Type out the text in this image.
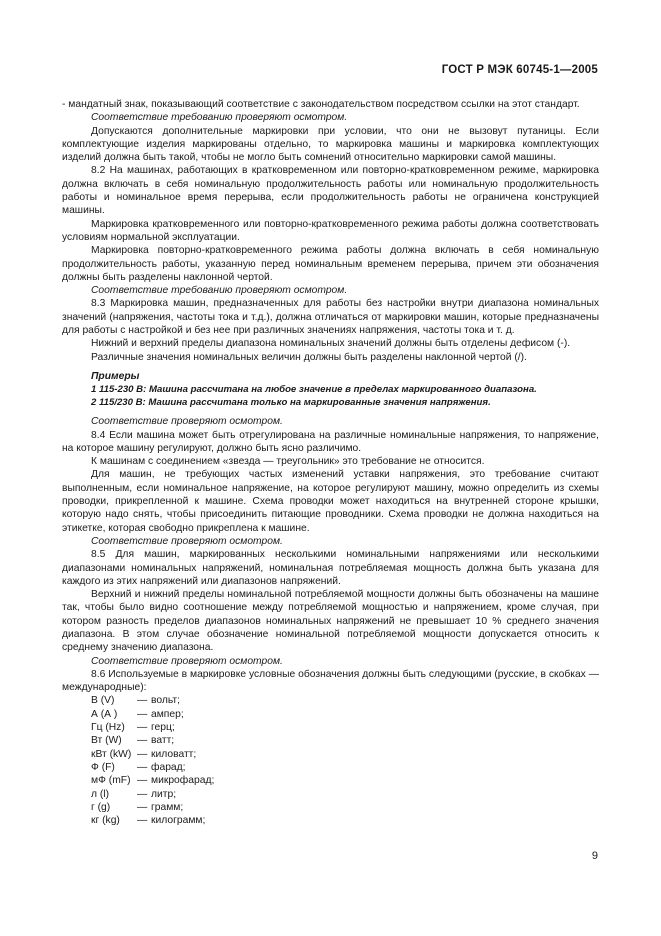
ГОСТ Р МЭК 60745-1—2005

- мандатный знак, показывающий соответствие с законодательством посредством ссылки на этот стандарт.

Соответствие требованию проверяют осмотром.

Допускаются дополнительные маркировки при условии, что они не вызовут путаницы. Если комплектующие изделия маркированы отдельно, то маркировка машины и маркировка комплектующих изделий должна быть такой, чтобы не могло быть сомнений относительно маркировки самой машины.

8.2 На машинах, работающих в кратковременном или повторно-кратковременном режиме, маркировка должна включать в себя номинальную продолжительность работы или номинальную продолжительность работы и номинальное время перерыва, если продолжительность работы не ограничена конструкцией машины.

Маркировка кратковременного или повторно-кратковременного режима работы должна соответствовать условиям нормальной эксплуатации.

Маркировка повторно-кратковременного режима работы должна включать в себя номинальную продолжительность работы, указанную перед номинальным временем перерыва, причем эти обозначения должны быть разделены наклонной чертой.

Соответствие требованию проверяют осмотром.

8.3 Маркировка машин, предназначенных для работы без настройки внутри диапазона номинальных значений (напряжения, частоты тока и т.д.), должна отличаться от маркировки машин, которые предназначены для работы с настройкой и без нее при различных значениях напряжения, частоты тока и т. д.

Нижний и верхний пределы диапазона номинальных значений должны быть отделены дефисом (-).

Различные значения номинальных величин должны быть разделены наклонной чертой (/).

Примеры

1 115-230 В: Машина рассчитана на любое значение в пределах маркированного диапазона.

2 115/230 В: Машина рассчитана только на маркированные значения напряжения.

Соответствие проверяют осмотром.

8.4 Если машина может быть отрегулирована на различные номинальные напряжения, то напряжение, на которое машину регулируют, должно быть ясно различимо.

К машинам с соединением «звезда — треугольник» это требование не относится.

Для машин, не требующих частых изменений уставки напряжения, это требование считают выполненным, если номинальное напряжение, на которое регулируют машину, можно определить из схемы проводки, прикрепленной к машине. Схема проводки может находиться на внутренней стороне крышки, которую надо снять, чтобы присоединить питающие проводники. Схема проводки не должна находиться на этикетке, которая свободно прикреплена к машине.

Соответствие проверяют осмотром.

8.5 Для машин, маркированных несколькими номинальными напряжениями или несколькими диапазонами номинальных напряжений, номинальная потребляемая мощность должна быть указана для каждого из этих напряжений или диапазонов напряжений.

Верхний и нижний пределы номинальной потребляемой мощности должны быть обозначены на машине так, чтобы было видно соотношение между потребляемой мощностью и напряжением, кроме случая, при котором разность пределов диапазонов номинальных напряжений не превышает 10 % среднего значения диапазона. В этом случае обозначение номинальной потребляемой мощности допускается относить к среднему значению диапазона.

Соответствие проверяют осмотром.

8.6 Используемые в маркировке условные обозначения должны быть следующими (русские, в скобках — международные):

В (V)	— вольт;
А (А )	— ампер;
Гц (Hz)	— герц;
Вт (W)	— ватт;
кВт (kW) — киловатт;
Ф (F)	— фарад;
мФ (mF) — микрофарад;
л (l)	— литр;
г (g)	— грамм;
кг (kg)	— килограмм;
9
